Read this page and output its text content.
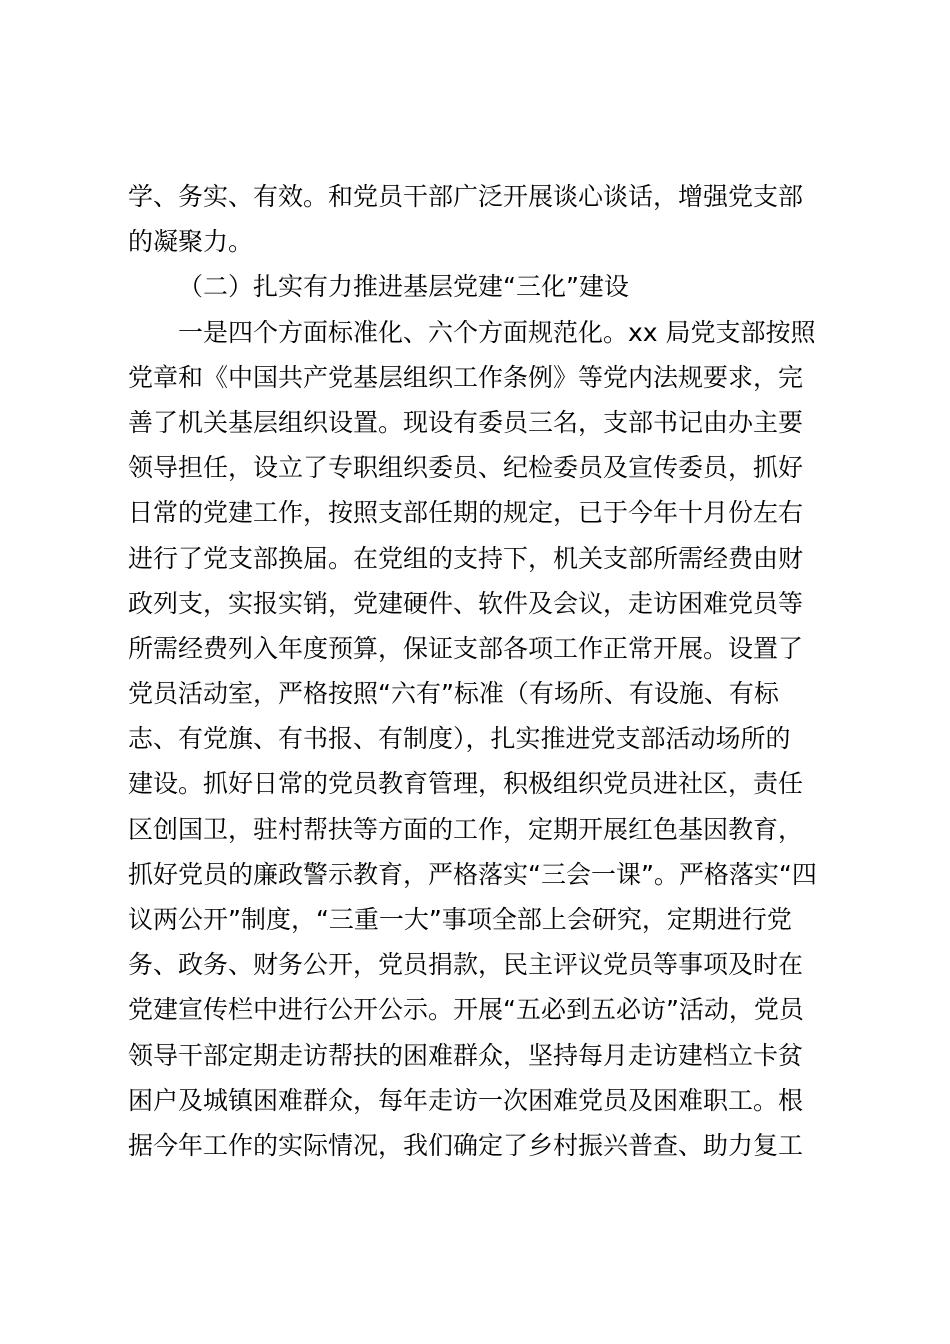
学、务实、有效。和党员干部广泛开展谈心谈话，增强党支部
的凝聚力。
（二）扎实有力推进基层党建“三化”建设
一是四个方面标准化、六个方面规范化。xx 局党支部按照
党章和《中国共产党基层组织工作条例》等党内法规要求，完
善了机关基层组织设置。现设有委员三名，支部书记由办主要
领导担任，设立了专职组织委员、纪检委员及宣传委员，抓好
日常的党建工作，按照支部任期的规定，已于今年十月份左右
进行了党支部换届。在党组的支持下，机关支部所需经费由财
政列支，实报实销，党建硬件、软件及会议，走访困难党员等
所需经费列入年度预算，保证支部各项工作正常开展。设置了
党员活动室，严格按照“六有”标准（有场所、有设施、有标
志、有党旗、有书报、有制度），扎实推进党支部活动场所的
建设。抓好日常的党员教育管理，积极组织党员进社区，责任
区创国卫，驻村帮扶等方面的工作，定期开展红色基因教育，
抓好党员的廉政警示教育，严格落实“三会一课”。严格落实“四
议两公开”制度，“三重一大”事项全部上会研究，定期进行党
务、政务、财务公开，党员捐款，民主评议党员等事项及时在
党建宣传栏中进行公开公示。开展“五必到五必访”活动，党员
领导干部定期走访帮扶的困难群众，坚持每月走访建档立卡贫
困户及城镇困难群众，每年走访一次困难党员及困难职工。根
据今年工作的实际情况，我们确定了乡村振兴普查、助力复工
